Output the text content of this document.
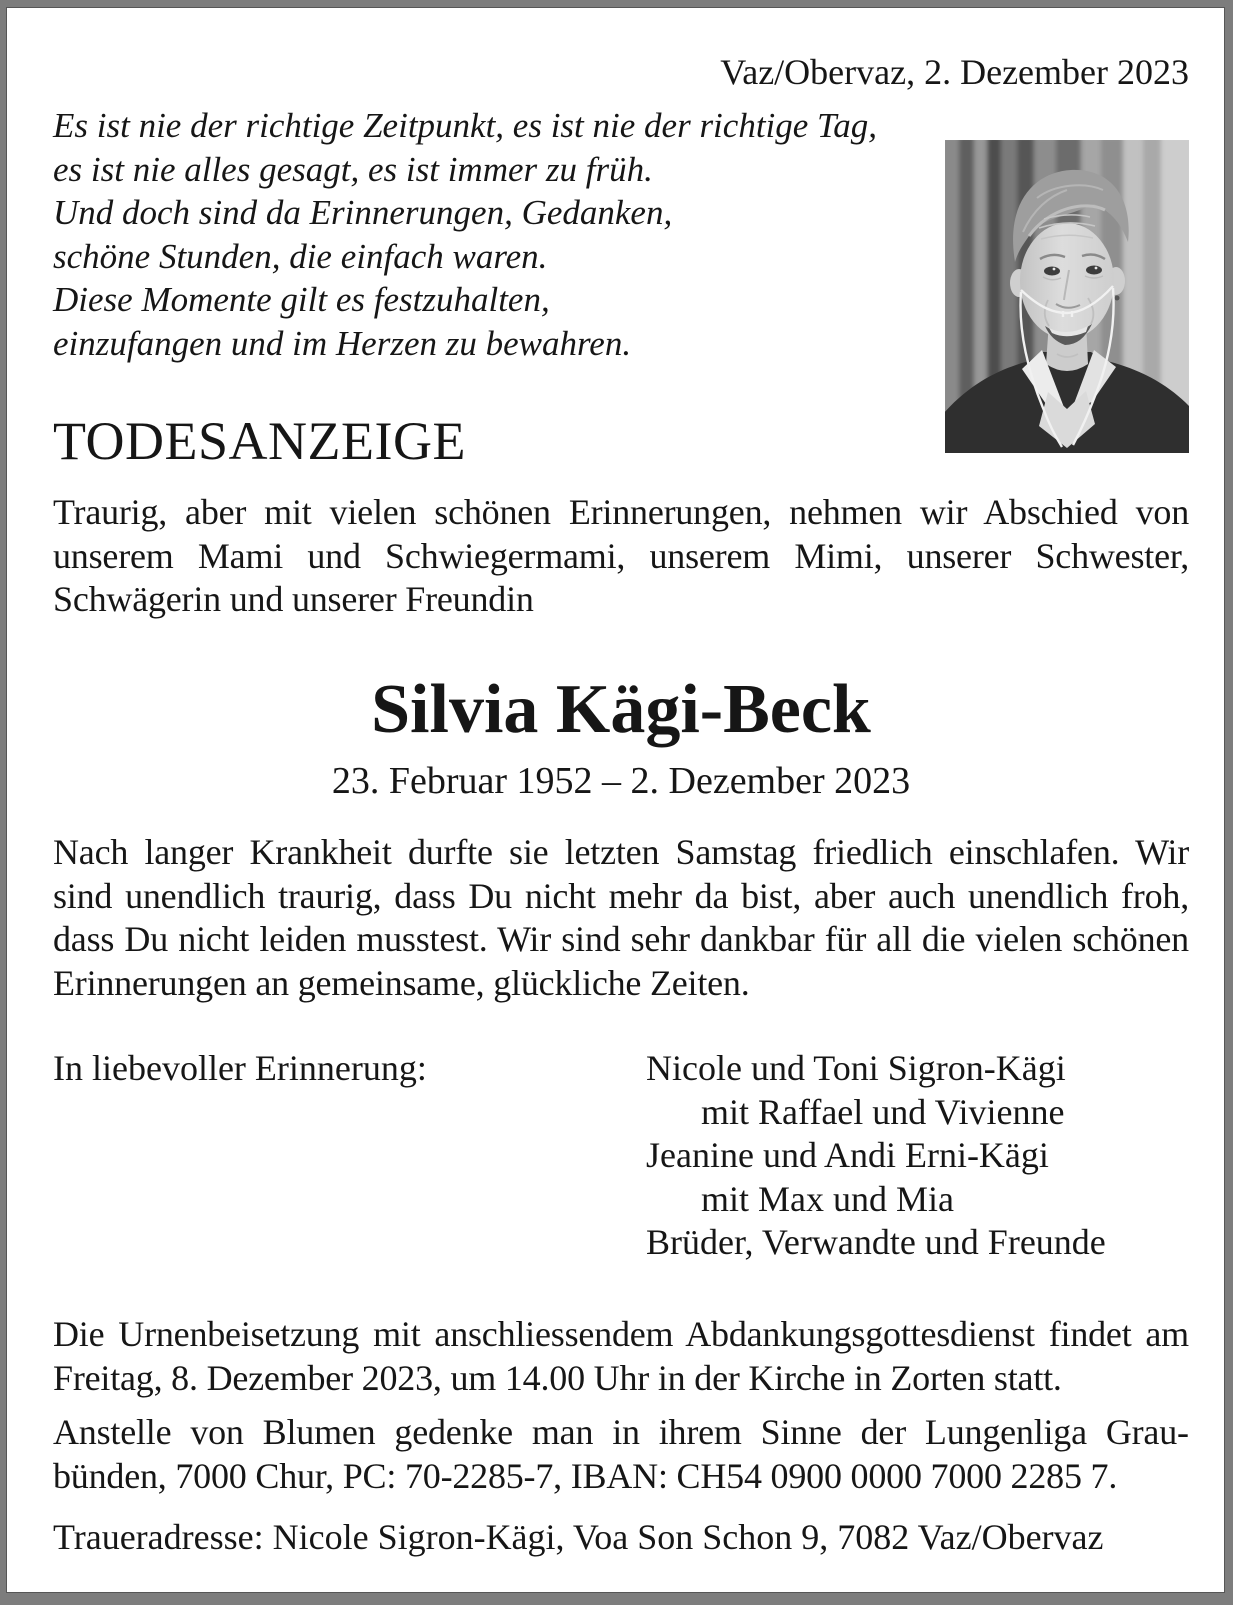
Vaz/Obervaz, 2. Dezember 2023
Es ist nie der richtige Zeitpunkt, es ist nie der richtige Tag,
es ist nie alles gesagt, es ist immer zu früh.
Und doch sind da Erinnerungen, Gedanken,
schöne Stunden, die einfach waren.
Diese Momente gilt es festzuhalten,
einzufangen und im Herzen zu bewahren.
TODESANZEIGE
Traurig, aber mit vielen schönen Erinnerungen, nehmen wir Abschied von unserem Mami und Schwiegermami, unserem Mimi, unserer Schwester, Schwägerin und unserer Freundin
Silvia Kägi-Beck
23. Februar 1952 – 2. Dezember 2023
Nach langer Krankheit durfte sie letzten Samstag friedlich einschlafen. Wir sind unendlich traurig, dass Du nicht mehr da bist, aber auch unendlich froh, dass Du nicht leiden musstest. Wir sind sehr dankbar für all die vielen schönen Erinnerungen an gemeinsame, glückliche Zeiten.
In liebevoller Erinnerung:	Nicole und Toni Sigron-Kägi
mit Raffael und Vivienne
Jeanine und Andi Erni-Kägi
mit Max und Mia
Brüder, Verwandte und Freunde
Die Urnenbeisetzung mit anschliessendem Abdankungsgottesdienst findet am Freitag, 8. Dezember 2023, um 14.00 Uhr in der Kirche in Zorten statt.
Anstelle von Blumen gedenke man in ihrem Sinne der Lungenliga Graubünden, 7000 Chur, PC: 70-2285-7, IBAN: CH54 0900 0000 7000 2285 7.
Traueradresse: Nicole Sigron-Kägi, Voa Son Schon 9, 7082 Vaz/Obervaz
